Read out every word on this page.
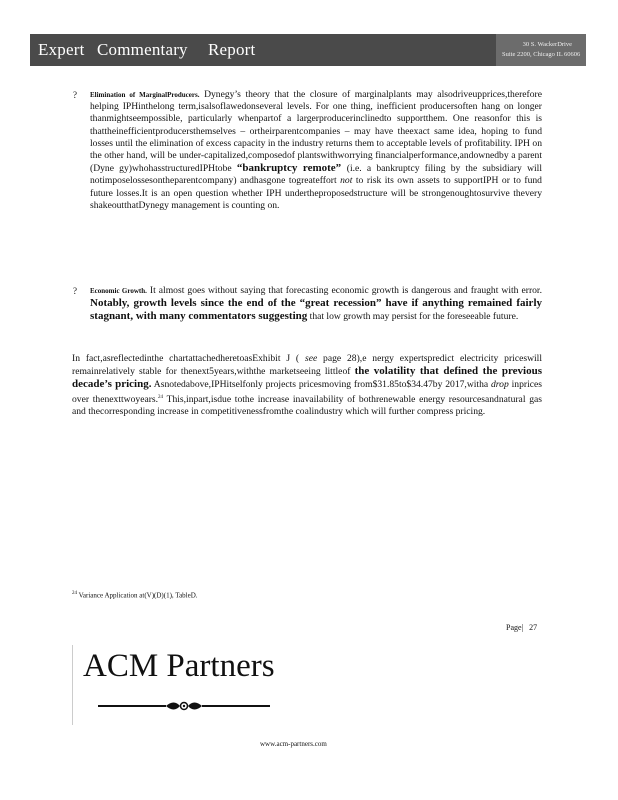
Expert Commentary Report	30 S. WackerDrive
Suite 2200, Chicago IL 60606
? Elimination of MarginalProducers. Dynegy’s theory that the closure of marginalplants may alsodriveupprices,therefore helping IPHinthelong term,isalsoflawedonseveral levels. For one thing, inefficient producersoften hang on longer thanmightseempossible, particularly whenpartof a largerproducerinclinedto supportthem. One reasonfor this is thattheinefficientproducersthemselves – ortheirparentcompanies – may have theexact same idea, hoping to fund losses until the elimination of excess capacity in the industry returns them to acceptable levels of profitability. IPH on the other hand, will be under-capitalized,composedof plantswithworrying financialperformance,andownedby a parent (Dyne gy)whohasstructuredIPHtobe “bankruptcy remote” (i.e. a bankruptcy filing by the subsidiary will notimposelossesontheparentcompany) andhasgone togreateffort not to risk its own assets to supportIPH or to fund future losses.It is an open question whether IPH undertheproposedstructure will be strongenoughtosurvive thevery shakeoutthatDynegy management is counting on.
? Economic Growth. It almost goes without saying that forecasting economic growth is dangerous and fraught with error. Notably, growth levels since the end of the “great recession” have if anything remained fairly stagnant, with many commentators suggesting that low growth may persist for the foreseeable future.
In fact,asreflectedinthe chartattachedheretoasExhibit J ( see page 28),e nergy expertspredict electricity priceswill remainrelatively stable for thenext5years,withthe marketseeing littleof the volatility that defined the previous decade’s pricing. Asnotedabove,IPHitselfonly projects pricesmoving from$31.85to$34.47by 2017,witha drop inprices over thenexttwoyears.$^{24}$ This,inpart,isdue tothe increase inavailability of bothrenewable energy resourcesandnatural gas and thecorresponding increase in competitivenessfromthe coalindustry which will further compress pricing.
$^{24}$ Variance Application at(V)(D)(1), TableD.
Page|   27
ACM Partners
www.acm-partners.com
